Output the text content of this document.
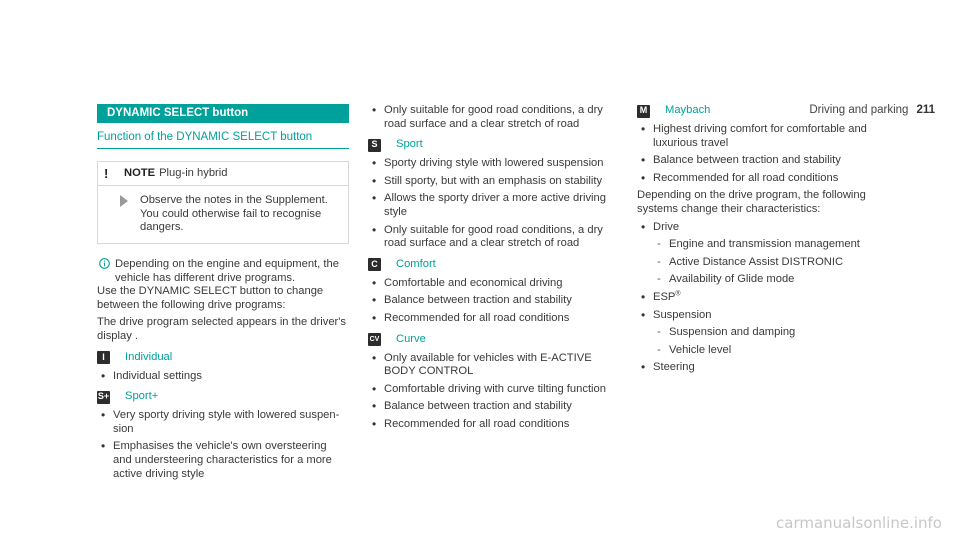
Driving and parking 211
DYNAMIC SELECT button
Function of the DYNAMIC SELECT button
!	NOTE Plug-in hybrid
Observe the notes in the Supplement.
You could otherwise fail to recognise
dangers.
Depending on the engine and equipment, the
vehicle has different drive programs.
Use the DYNAMIC SELECT button to change
between the following drive programs:
The drive program selected appears in the driver's
display .
I	Individual
• Individual settings
S+ Sport+
• Very sporty driving style with lowered suspen-
sion
• Emphasises the vehicle's own oversteering
and understeering characteristics for a more
active driving style
• Only suitable for good road conditions, a dry
road surface and a clear stretch of road
S	Sport
• Sporty driving style with lowered suspension
• Still sporty, but with an emphasis on stability
• Allows the sporty driver a more active driving
style
• Only suitable for good road conditions, a dry
road surface and a clear stretch of road
C Comfort
• Comfortable and economical driving
• Balance between traction and stability
• Recommended for all road conditions
CV Curve
• Only available for vehicles with E-ACTIVE
BODY CONTROL
• Comfortable driving with curve tilting function
• Balance between traction and stability
• Recommended for all road conditions
M Maybach
• Highest driving comfort for comfortable and
luxurious travel
• Balance between traction and stability
• Recommended for all road conditions
Depending on the drive program, the following
systems change their characteristics:
• Drive
- Engine and transmission management
- Active Distance Assist DISTRONIC
- Availability of Glide mode
• ESP®
• Suspension
- Suspension and damping
- Vehicle level
• Steering
carmanualsonline.info
